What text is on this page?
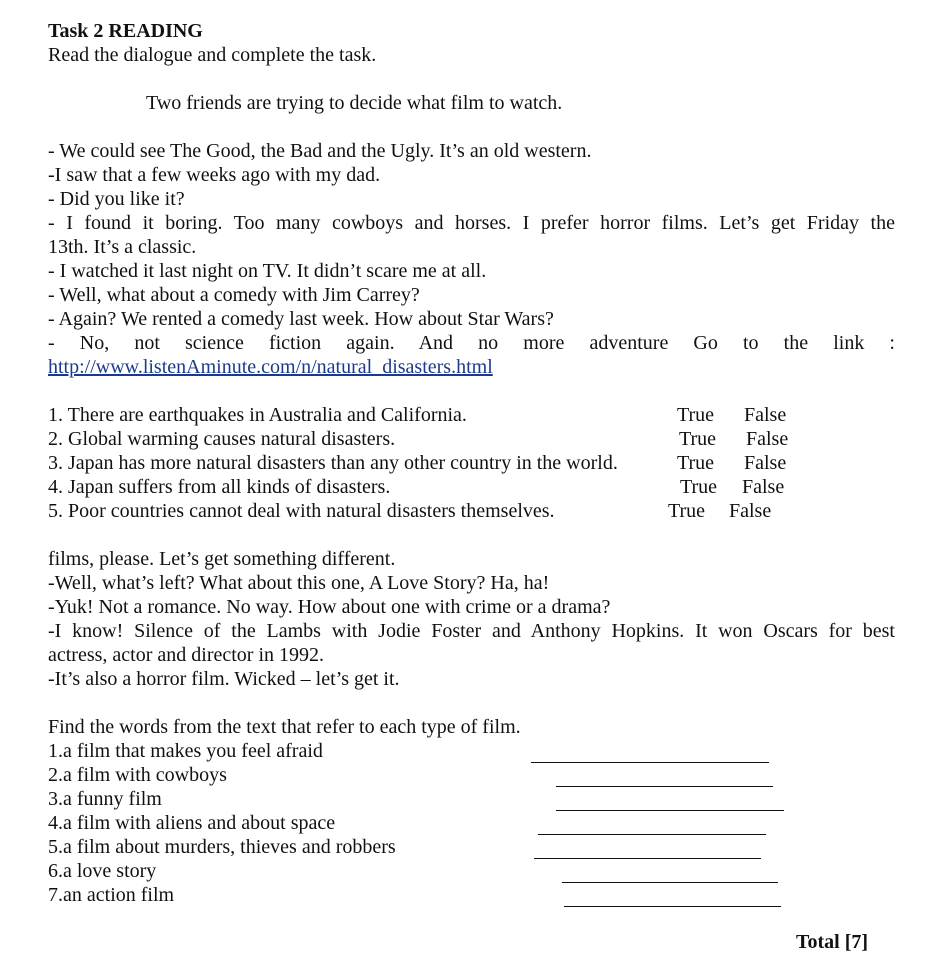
Task 2 READING
Read the dialogue and complete the task.
Two friends are trying to decide what film to watch.
- We could see The Good, the Bad and the Ugly. It’s an old western.
-I saw that a few weeks ago with my dad.
- Did you like it?
- I found it boring. Too many cowboys and horses. I prefer horror films. Let’s get Friday the
13th. It’s a classic.
- I watched it last night on TV. It didn’t scare me at all.
- Well, what about a comedy with Jim Carrey?
- Again? We rented a comedy last week. How about Star Wars?
- No, not science fiction again. And no more adventure Go to the link :
http://www.listenAminute.com/n/natural_disasters.html
1. There are earthquakes in Australia and California.	True False
2. Global warming causes natural disasters.	True False
3. Japan has more natural disasters than any other country in the world.	True False
4. Japan suffers from all kinds of disasters.	True False
5. Poor countries cannot deal with natural disasters themselves.	True False
films, please. Let’s get something different.
-Well, what’s left? What about this one, A Love Story? Ha, ha!
-Yuk! Not a romance. No way. How about one with crime or a drama?
-I know! Silence of the Lambs with Jodie Foster and Anthony Hopkins. It won Oscars for best
actress, actor and director in 1992.
-It’s also a horror film. Wicked – let’s get it.
Find the words from the text that refer to each type of film.
1.a film that makes you feel afraid
2.a film with cowboys
3.a funny film
4.a film with aliens and about space
5.a film about murders, thieves and robbers
6.a love story
7.an action film
Total [7]
